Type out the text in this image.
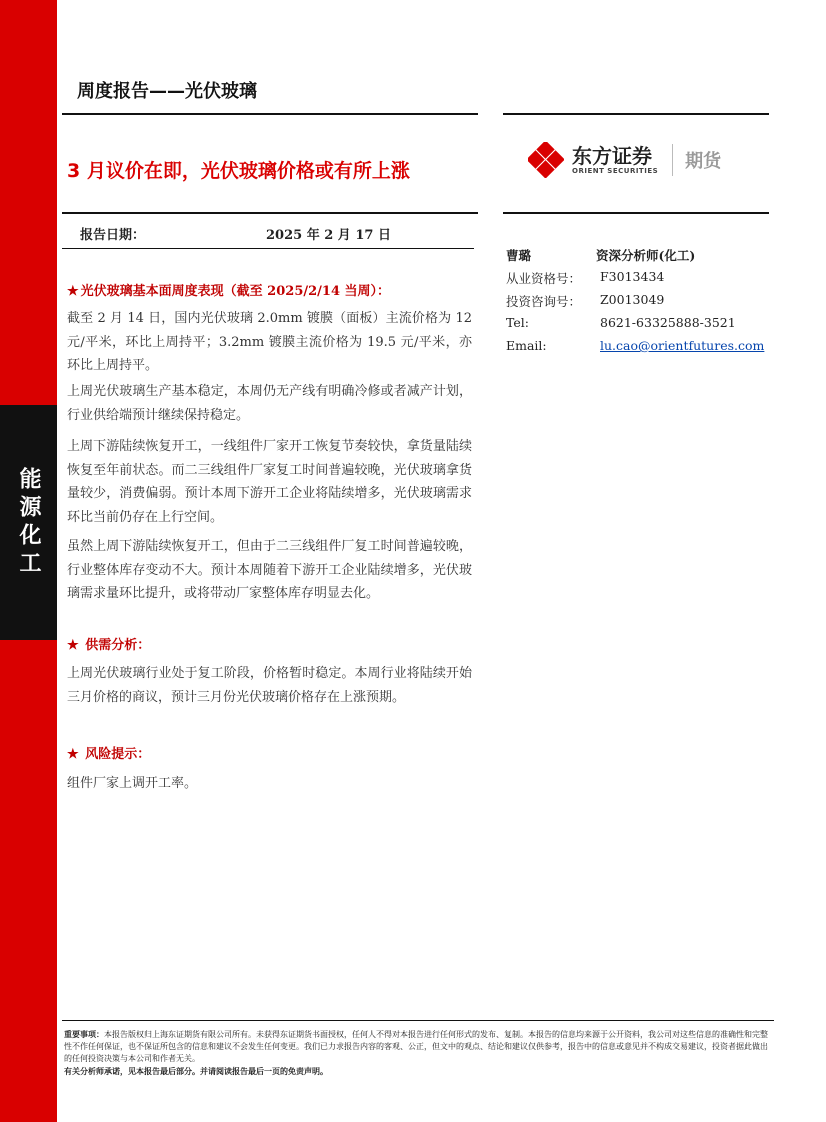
能源化工
周度报告——光伏玻璃
3 月议价在即，光伏玻璃价格或有所上涨
东方证券
ORIENT SECURITIES 期货
报告日期：	2025 年 2 月 17 日
曹璐	资深分析师(化工)
从业资格号： F3013434
投资咨询号： Z0013049
Tel:	8621-63325888-3521
Email:	lu.cao@orientfutures.com
★ 光伏玻璃基本面周度表现（截至 2025/2/14 当周）：
截至 2 月 14 日，国内光伏玻璃 2.0mm 镀膜（面板）主流价格为 12 元/平米，环比上周持平；3.2mm 镀膜主流价格为 19.5 元/平米，亦环比上周持平。
上周光伏玻璃生产基本稳定，本周仍无产线有明确冷修或者减产计划，行业供给端预计继续保持稳定。
上周下游陆续恢复开工，一线组件厂家开工恢复节奏较快，拿货量陆续恢复至年前状态。而二三线组件厂家复工时间普遍较晚，光伏玻璃拿货量较少，消费偏弱。预计本周下游开工企业将陆续增多，光伏玻璃需求环比当前仍存在上行空间。
虽然上周下游陆续恢复开工，但由于二三线组件厂复工时间普遍较晚，行业整体库存变动不大。预计本周随着下游开工企业陆续增多，光伏玻璃需求量环比提升，或将带动厂家整体库存明显去化。
★ 供需分析：
上周光伏玻璃行业处于复工阶段，价格暂时稳定。本周行业将陆续开始三月价格的商议，预计三月份光伏玻璃价格存在上涨预期。
★ 风险提示：
组件厂家上调开工率。
重要事项：本报告版权归上海东证期货有限公司所有。未获得东证期货书面授权，任何人不得对本报告进行任何形式的发布、复制。本报告的信息均来源于公开资料，我公司对这些信息的准确性和完整性不作任何保证，也不保证所包含的信息和建议不会发生任何变更。我们已力求报告内容的客观、公正，但文中的观点、结论和建议仅供参考，报告中的信息或意见并不构成交易建议，投资者据此做出的任何投资决策与本公司和作者无关。
有关分析师承诺，见本报告最后部分。并请阅读报告最后一页的免责声明。
